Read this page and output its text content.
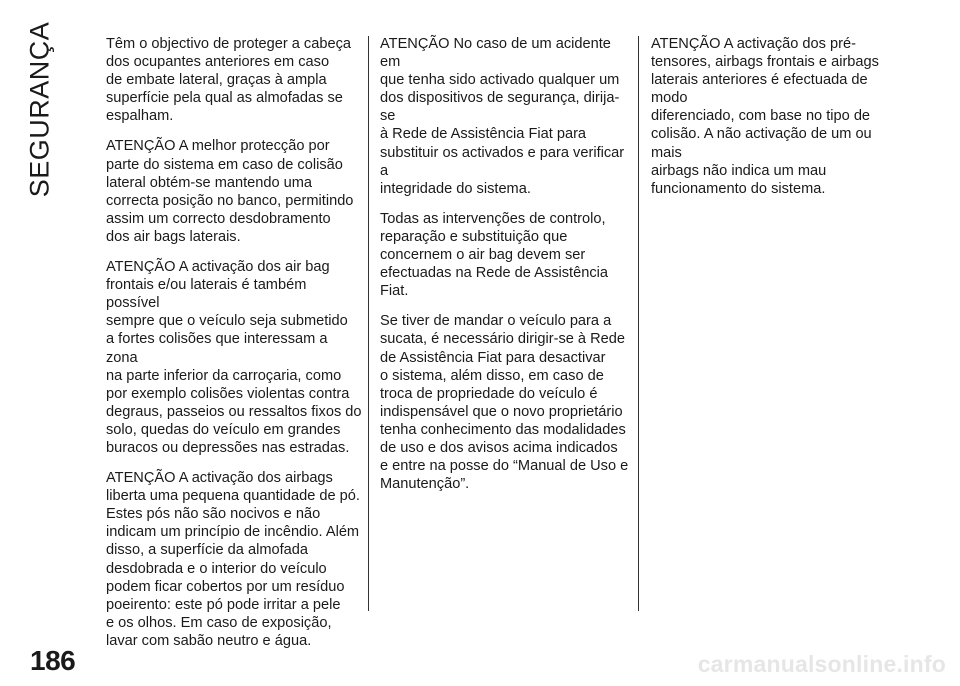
SEGURANÇA	Têm o objectivo de proteger a cabeça
dos ocupantes anteriores em caso
de embate lateral, graças à ampla
superfície pela qual as almofadas se
espalham.

ATENÇÃO A melhor protecção por
parte do sistema em caso de colisão
lateral obtém-se mantendo uma
correcta posição no banco, permitindo
assim um correcto desdobramento
dos air bags laterais.

ATENÇÃO A activação dos air bag
frontais e/ou laterais é também possível
sempre que o veículo seja submetido
a fortes colisões que interessam a zona
na parte inferior da carroçaria, como
por exemplo colisões violentas contra
degraus, passeios ou ressaltos fixos do
solo, quedas do veículo em grandes
buracos ou depressões nas estradas.

ATENÇÃO A activação dos airbags
liberta uma pequena quantidade de pó.
Estes pós não são nocivos e não
indicam um princípio de incêndio. Além
disso, a superfície da almofada
desdobrada e o interior do veículo
podem ficar cobertos por um resíduo
poeirento: este pó pode irritar a pele
e os olhos. Em caso de exposição,
lavar com sabão neutro e água.

ATENÇÃO No caso de um acidente em
que tenha sido activado qualquer um
dos dispositivos de segurança, dirija-se
à Rede de Assistência Fiat para
substituir os activados e para verificar a
integridade do sistema.

Todas as intervenções de controlo,
reparação e substituição que
concernem o air bag devem ser
efectuadas na Rede de Assistência
Fiat.

Se tiver de mandar o veículo para a
sucata, é necessário dirigir-se à Rede
de Assistência Fiat para desactivar
o sistema, além disso, em caso de
troca de propriedade do veículo é
indispensável que o novo proprietário
tenha conhecimento das modalidades
de uso e dos avisos acima indicados
e entre na posse do “Manual de Uso e
Manutenção”.

ATENÇÃO A activação dos pré-
tensores, airbags frontais e airbags
laterais anteriores é efectuada de modo
diferenciado, com base no tipo de
colisão. A não activação de um ou mais
airbags não indica um mau
funcionamento do sistema.

186	carmanualsonline.info
